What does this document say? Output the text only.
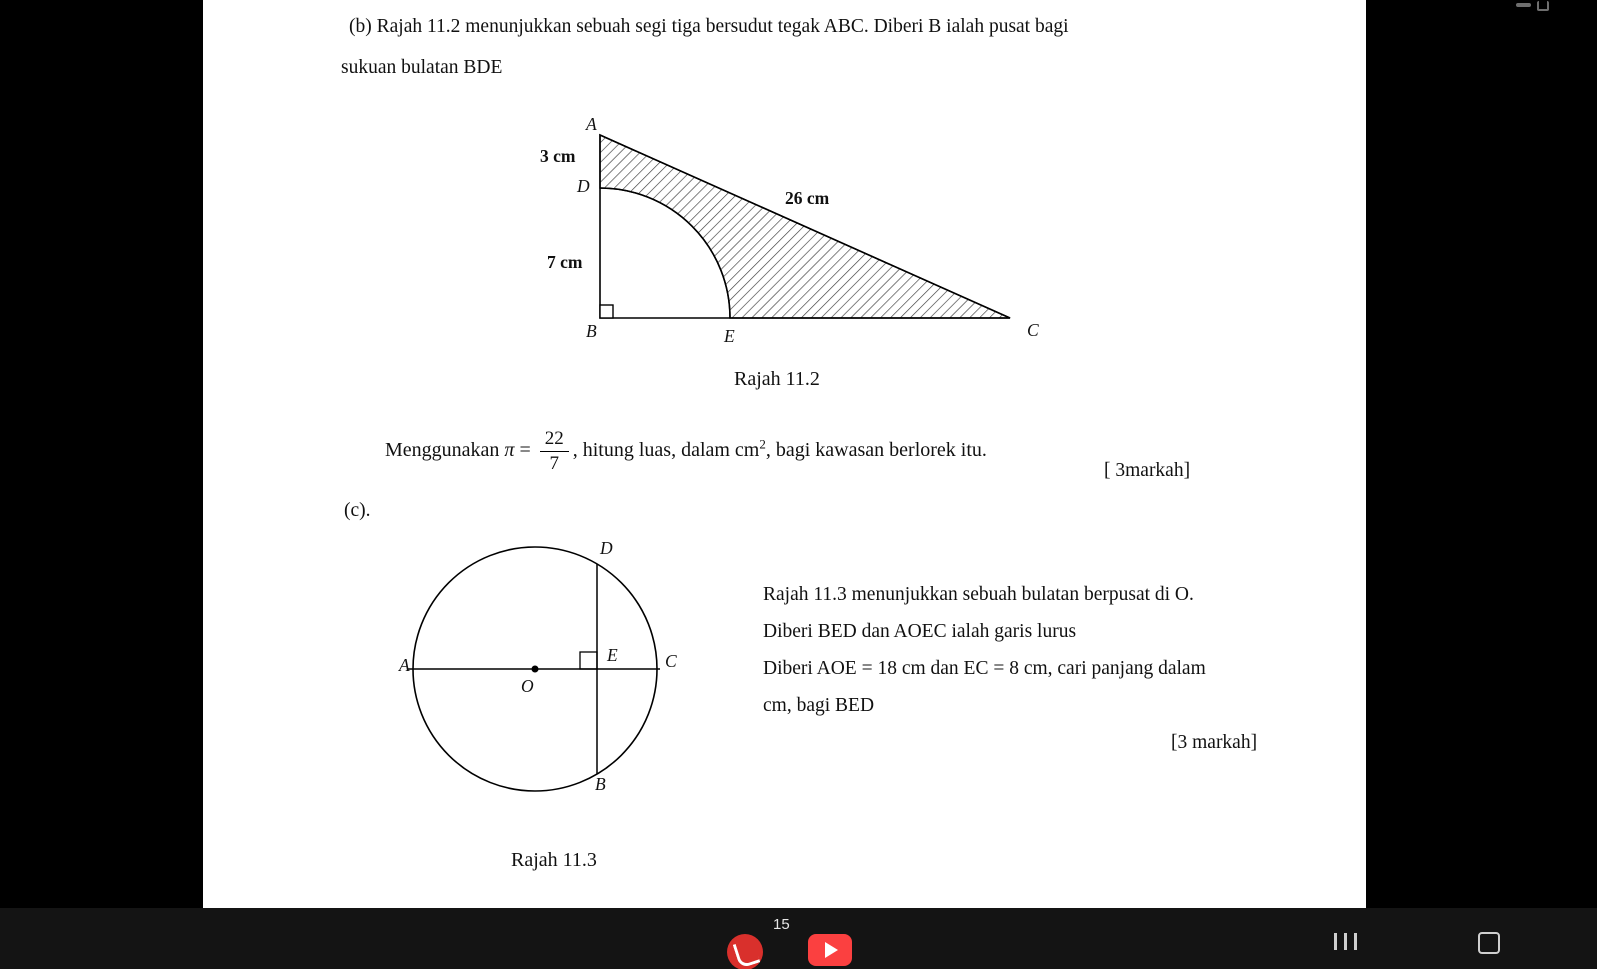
(b) Rajah 11.2 menunjukkan sebuah segi tiga bersudut tegak ABC. Diberi B ialah pusat bagi
sukuan bulatan BDE
A
3 cm
D
26 cm
7 cm
B	E	C
Rajah 11.2
Menggunakan $\pi = \frac{22}{7}$ , hitung luas, dalam $cm^2$, bagi kawasan berlorek itu.
[ 3markah]
(c).
D
A	E	C
O
B
Rajah 11.3 menunjukkan sebuah bulatan berpusat di O.
Diberi BED dan AOEC ialah garis lurus
Diberi AOE = 18 cm dan EC = 8 cm, cari panjang dalam
cm, bagi BED
[3 markah]
Rajah 11.3
15
